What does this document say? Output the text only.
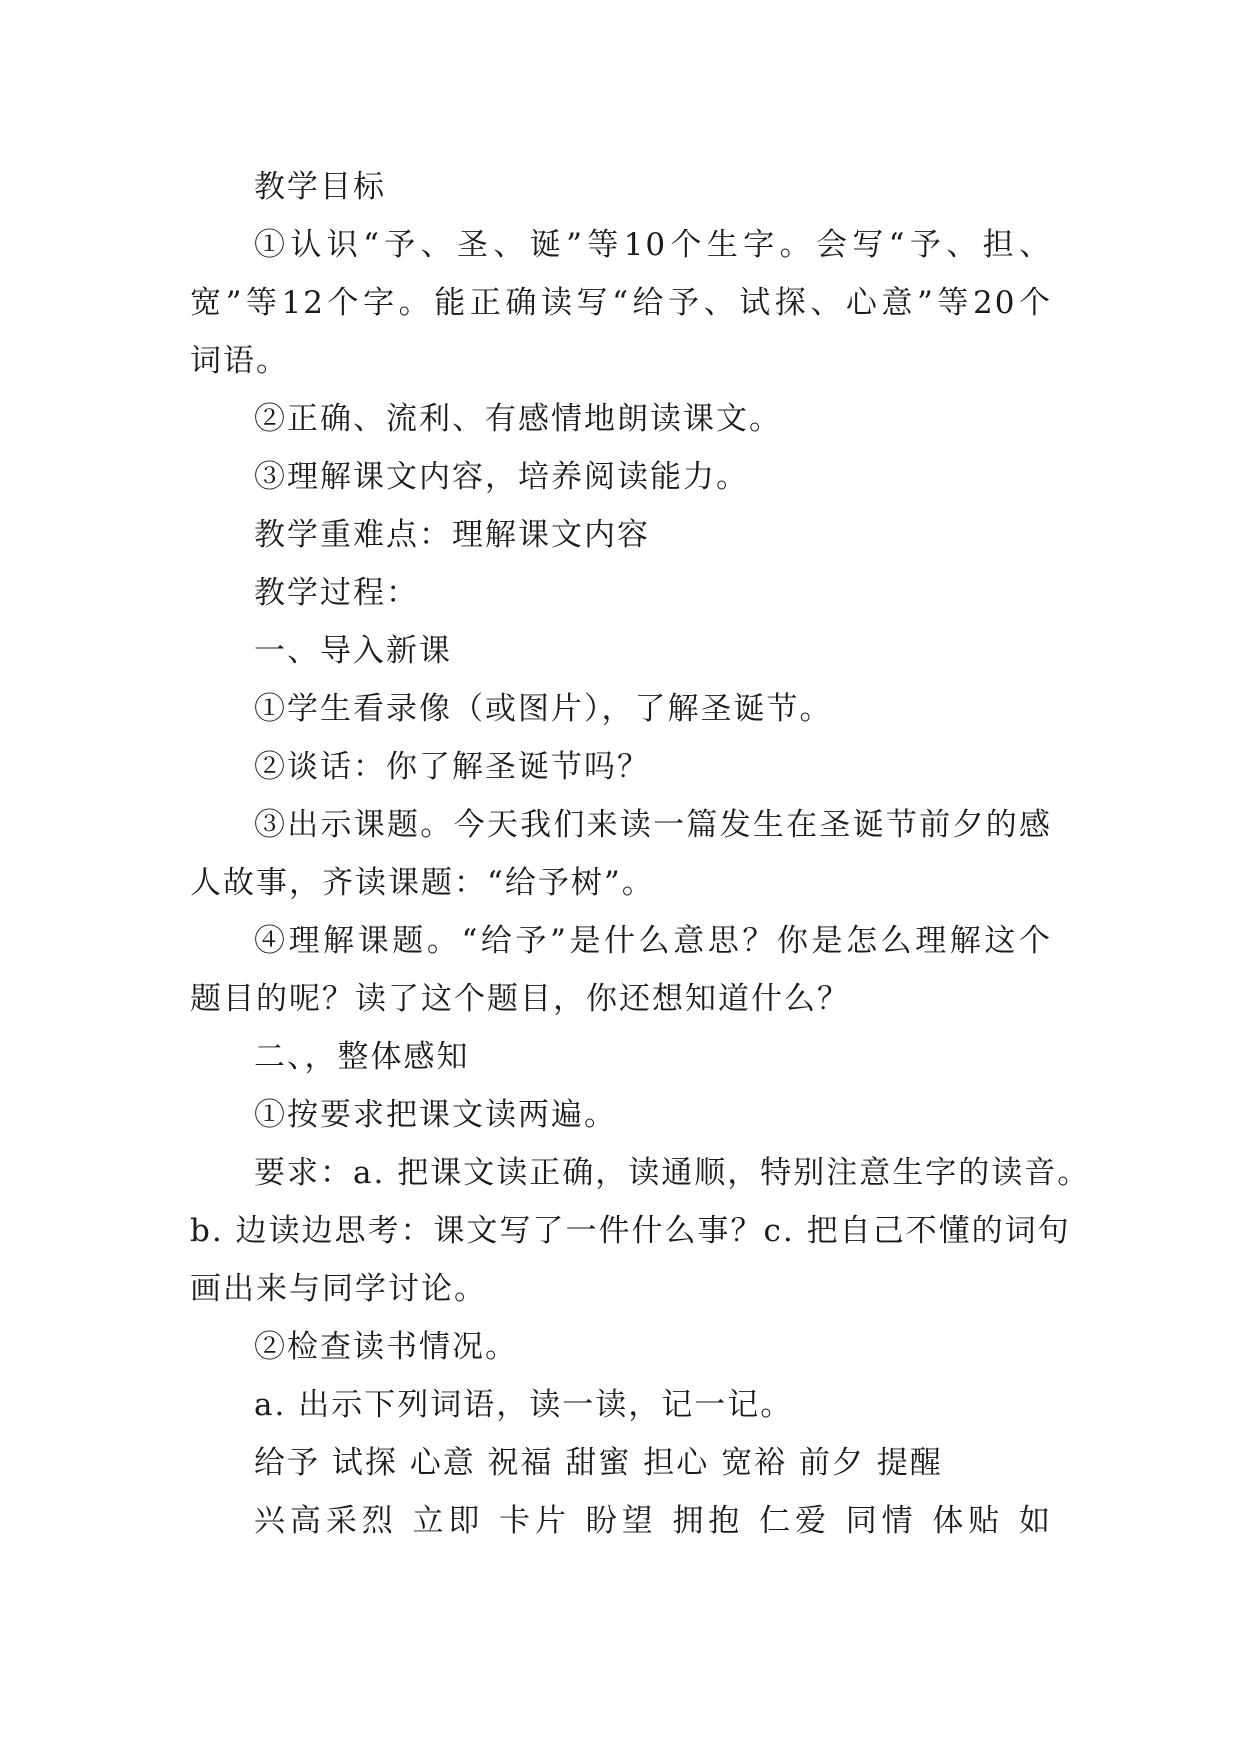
教学目标
①认识“予、圣、诞”等10个生字。会写“予、担、
宽”等12个字。能正确读写“给予、试探、心意”等20个
词语。
②正确、流利、有感情地朗读课文。
③理解课文内容，培养阅读能力。
教学重难点：理解课文内容
教学过程：
一、导入新课
①学生看录像（或图片），了解圣诞节。
②谈话：你了解圣诞节吗？
③出示课题。今天我们来读一篇发生在圣诞节前夕的感
人故事，齐读课题：“给予树”。
④理解课题。“给予”是什么意思？你是怎么理解这个
题目的呢？读了这个题目，你还想知道什么？
二、，整体感知
①按要求把课文读两遍。
要求：a. 把课文读正确，读通顺，特别注意生字的读音。
b. 边读边思考：课文写了一件什么事？c. 把自己不懂的词句
画出来与同学讨论。
②检查读书情况。
a. 出示下列词语，读一读，记一记。
给予 试探 心意 祝福 甜蜜 担心 宽裕 前夕 提醒
兴高采烈 立即 卡片 盼望 拥抱 仁爱 同情 体贴 如
